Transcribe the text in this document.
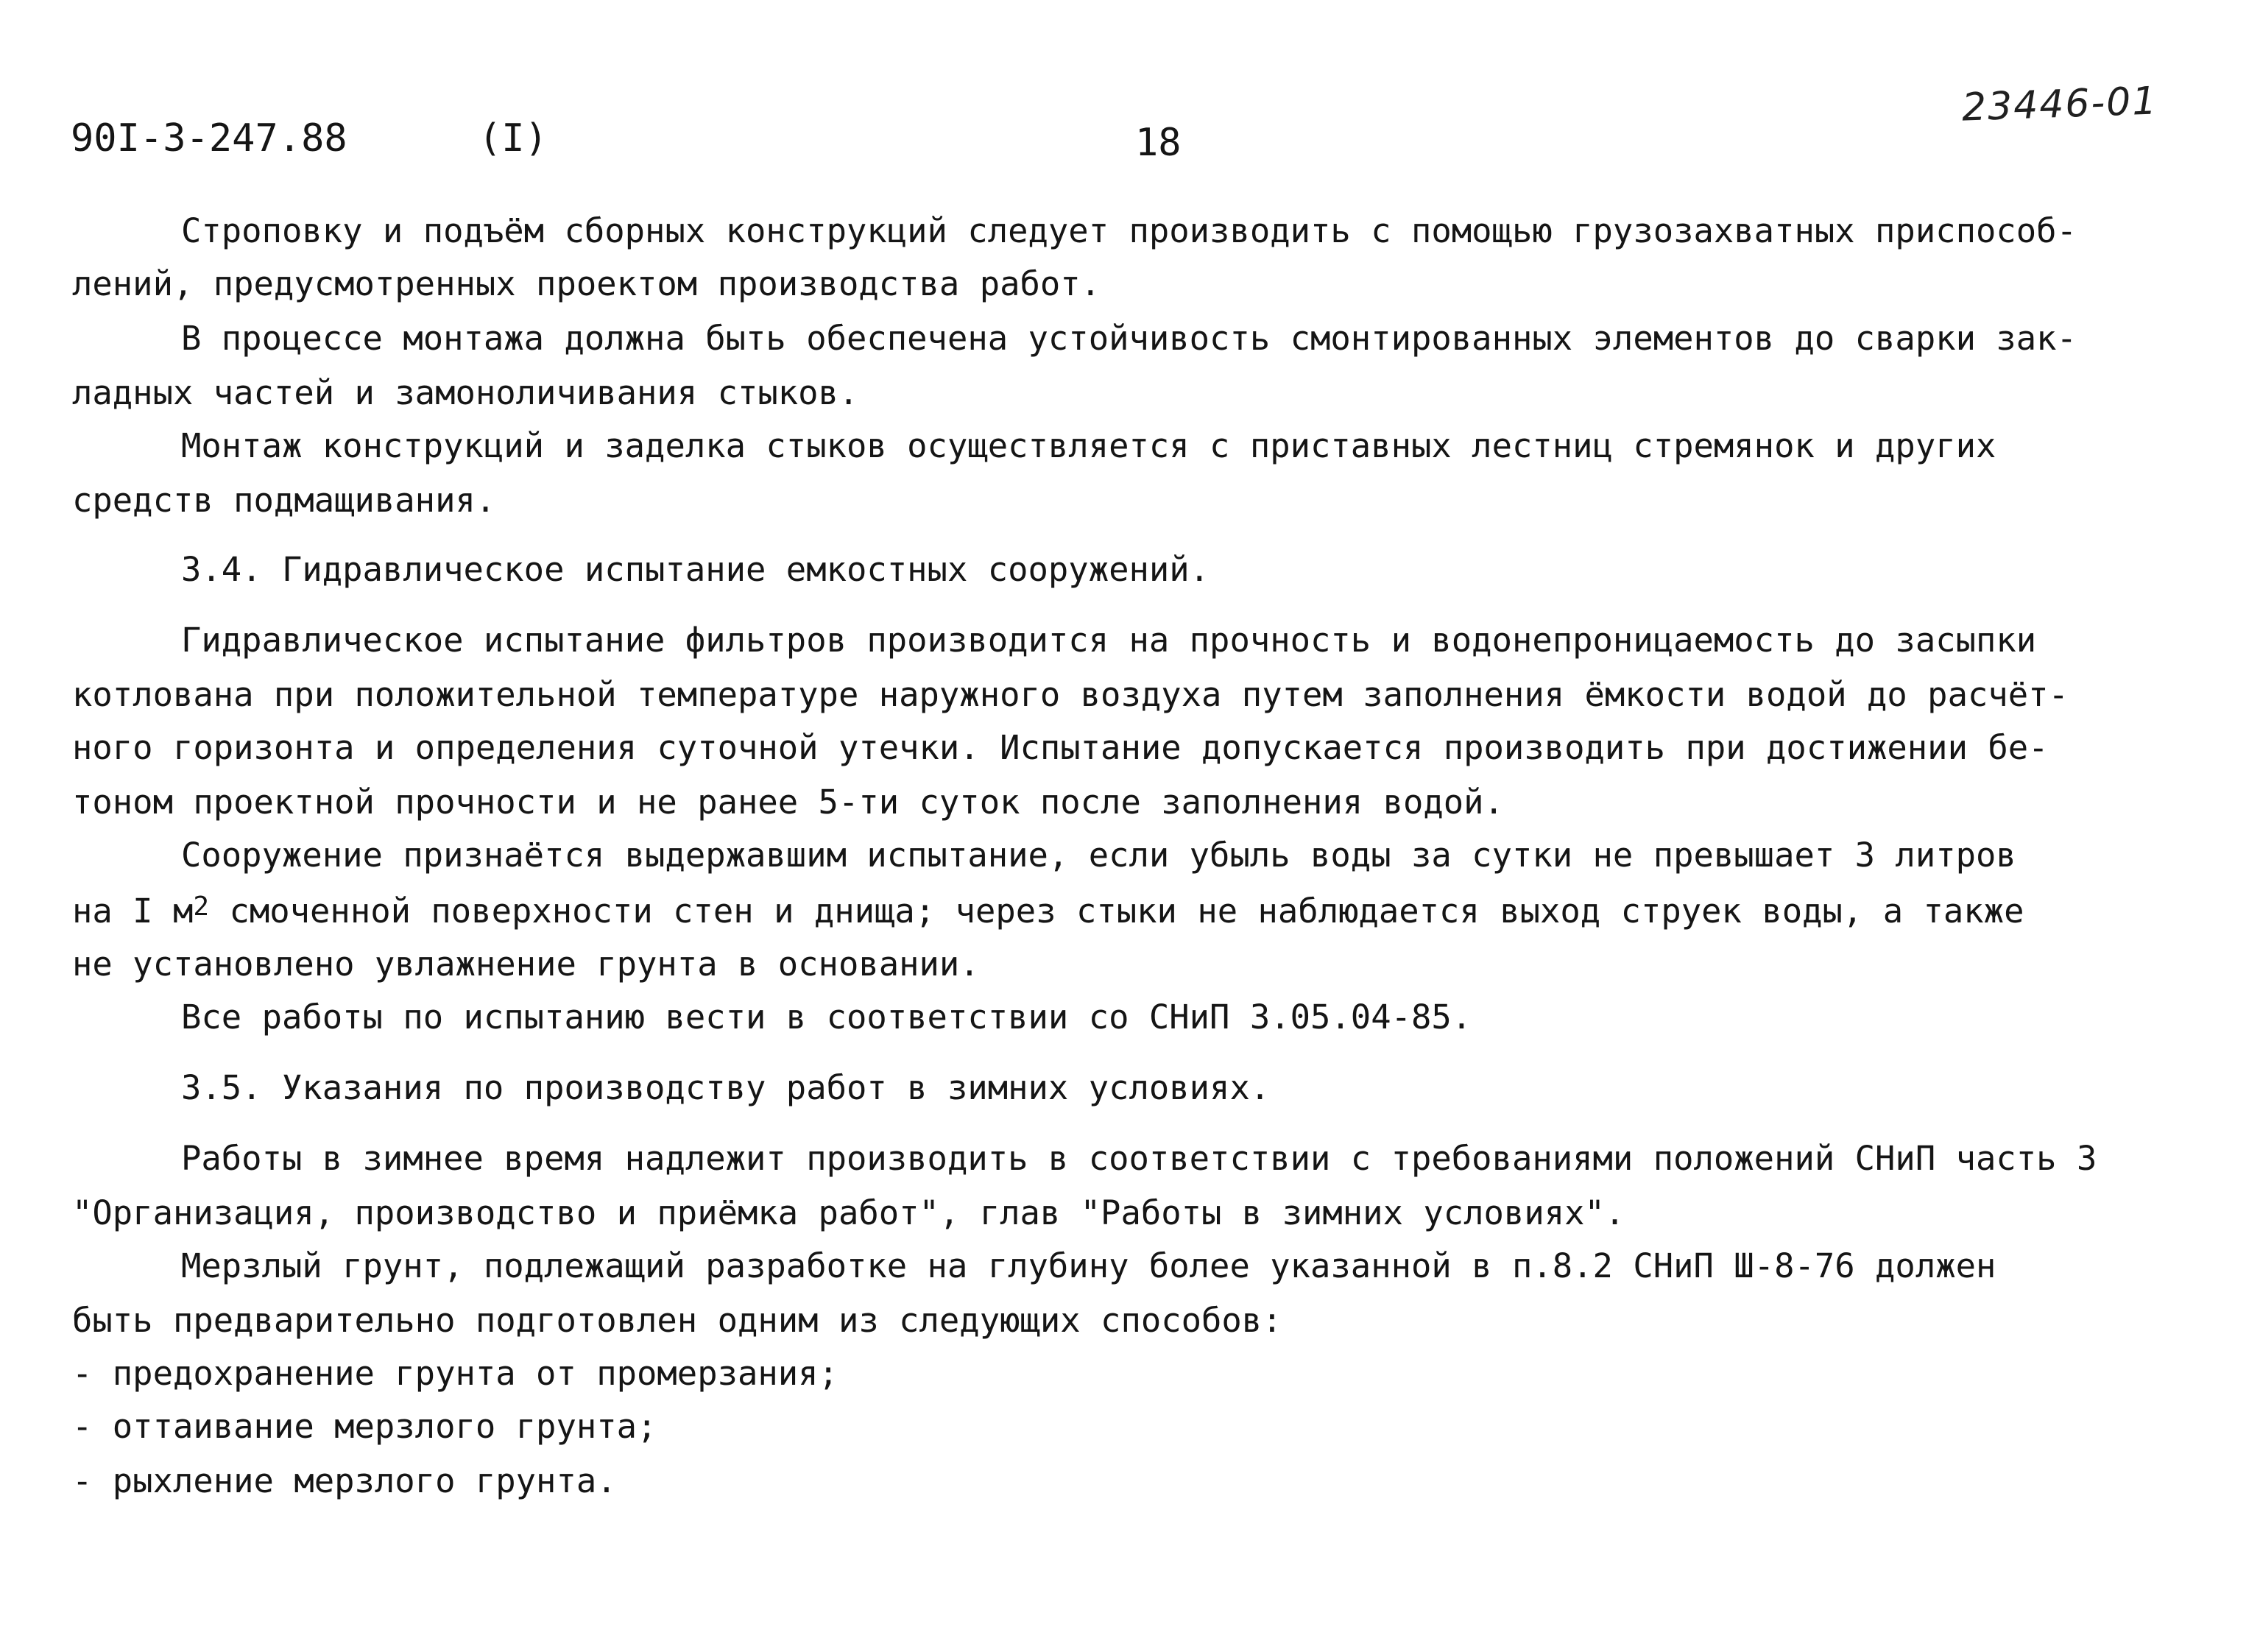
90I-3-247.88	(I)	18
23446-01
Строповку и подъём сборных конструкций следует производить с помощью грузозахватных приспособ-
лений, предусмотренных проектом производства работ.
В процессе монтажа должна быть обеспечена устойчивость смонтированных элементов до сварки зак-
ладных частей и замоноличивания стыков.
Монтаж конструкций и заделка стыков осуществляется с приставных лестниц стремянок и других
средств подмащивания.
3.4. Гидравлическое испытание емкостных сооружений.
Гидравлическое испытание фильтров производится на прочность и водонепроницаемость до засыпки
котлована при положительной температуре наружного воздуха путем заполнения ёмкости водой до расчёт-
ного горизонта и определения суточной утечки. Испытание допускается производить при достижении бе-
тоном проектной прочности и не ранее 5-ти суток после заполнения водой.
Сооружение признаётся выдержавшим испытание, если убыль воды за сутки не превышает 3 литров
на I $м^2$ смоченной поверхности стен и днища; через стыки не наблюдается выход струек воды, а также
не установлено увлажнение грунта в основании.
Все работы по испытанию вести в соответствии со СНиП 3.05.04-85.
3.5. Указания по производству работ в зимних условиях.
Работы в зимнее время надлежит производить в соответствии с требованиями положений СНиП часть 3
"Организация, производство и приёмка работ", глав "Работы в зимних условиях".
Мерзлый грунт, подлежащий разработке на глубину более указанной в п.8.2 СНиП Ш-8-76 должен
быть предварительно подготовлен одним из следующих способов:
- предохранение грунта от промерзания;
- оттаивание мерзлого грунта;
- рыхление мерзлого грунта.
